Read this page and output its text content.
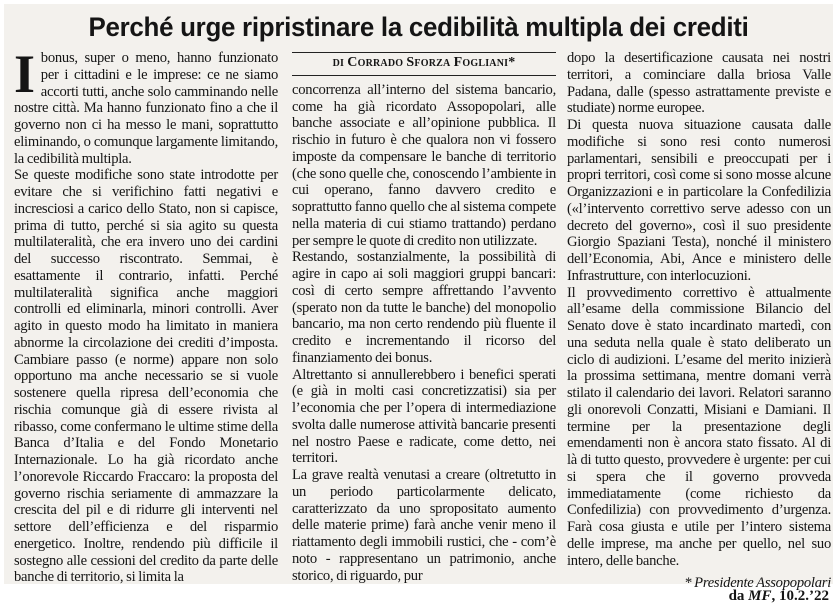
Perché urge ripristinare la cedibilità multipla dei crediti
I bonus, super o meno, hanno funzionato per i cittadini e le imprese: ce ne siamo accorti tutti, anche solo camminando nelle nostre città. Ma hanno funzionato fino a che il governo non ci ha messo le mani, soprattutto eliminando, o comunque largamente limitando, la cedibilità multipla.

Se queste modifiche sono state introdotte per evitare che si verifichino fatti negativi e incresciosi a carico dello Stato, non si capisce, prima di tutto, perché si sia agito su questa multilateralità, che era invero uno dei cardini del successo riscontrato. Semmai, è esattamente il contrario, infatti. Perché multilateralità significa anche maggiori controlli ed eliminarla, minori controlli. Aver agito in questo modo ha limitato in maniera abnorme la circolazione dei crediti d’imposta. Cambiare passo (e norme) appare non solo opportuno ma anche necessario se si vuole sostenere quella ripresa dell’economia che rischia comunque già di essere rivista al ribasso, come confermano le ultime stime della Banca d’Italia e del Fondo Monetario Internazionale. Lo ha già ricordato anche l’onorevole Riccardo Fraccaro: la proposta del governo rischia seriamente di ammazzare la crescita del pil e di ridurre gli interventi nel settore dell’efficienza e del risparmio energetico. Inoltre, rendendo più difficile il sostegno alle cessioni del credito da parte delle banche di territorio, si limita la

di Corrado Sforza Fogliani*

concorrenza all’interno del sistema bancario, come ha già ricordato Assopopolari, alle banche associate e all’opinione pubblica. Il rischio in futuro è che qualora non vi fossero imposte da compensare le banche di territorio (che sono quelle che, conoscendo l’ambiente in cui operano, fanno davvero credito e soprattutto fanno quello che al sistema compete nella materia di cui stiamo trattando) perdano per sempre le quote di credito non utilizzate.

Restando, sostanzialmente, la possibilità di agire in capo ai soli maggiori gruppi bancari: così di certo sempre affrettando l’avvento (sperato non da tutte le banche) del monopolio bancario, ma non certo rendendo più fluente il credito e incrementando il ricorso del finanziamento dei bonus.

Altrettanto si annullerebbero i benefici sperati (e già in molti casi concretizzatisi) sia per l’economia che per l’opera di intermediazione svolta dalle numerose attività bancarie presenti nel nostro Paese e radicate, come detto, nei territori.

La grave realtà venutasi a creare (oltretutto in un periodo particolarmente delicato, caratterizzato da uno spropositato aumento delle materie prime) farà anche venir meno il riattamento degli immobili rustici, che - com’è noto - rappresentano un patrimonio, anche storico, di riguardo, pur

dopo la desertificazione causata nei nostri territori, a cominciare dalla briosa Valle Padana, dalle (spesso astrattamente previste e studiate) norme europee.

Di questa nuova situazione causata dalle modifiche si sono resi conto numerosi parlamentari, sensibili e preoccupati per i propri territori, così come si sono mosse alcune Organizzazioni e in particolare la Confedilizia («l’intervento correttivo serve adesso con un decreto del governo», così il suo presidente Giorgio Spaziani Testa), nonché il ministero dell’Economia, Abi, Ance e ministero delle Infrastrutture, con interlocuzioni.

Il provvedimento correttivo è attualmente all’esame della commissione Bilancio del Senato dove è stato incardinato martedì, con una seduta nella quale è stato deliberato un ciclo di audizioni. L’esame del merito inizierà la prossima settimana, mentre domani verrà stilato il calendario dei lavori. Relatori saranno gli onorevoli Conzatti, Misiani e Damiani. Il termine per la presentazione degli emendamenti non è ancora stato fissato. Al di là di tutto questo, provvedere è urgente: per cui si spera che il governo provveda immediatamente (come richiesto da Confedilizia) con provvedimento d’urgenza. Farà cosa giusta e utile per l’intero sistema delle imprese, ma anche per quello, nel suo intero, delle banche.

* Presidente Assopopolari
da MF, 10.2.’22
